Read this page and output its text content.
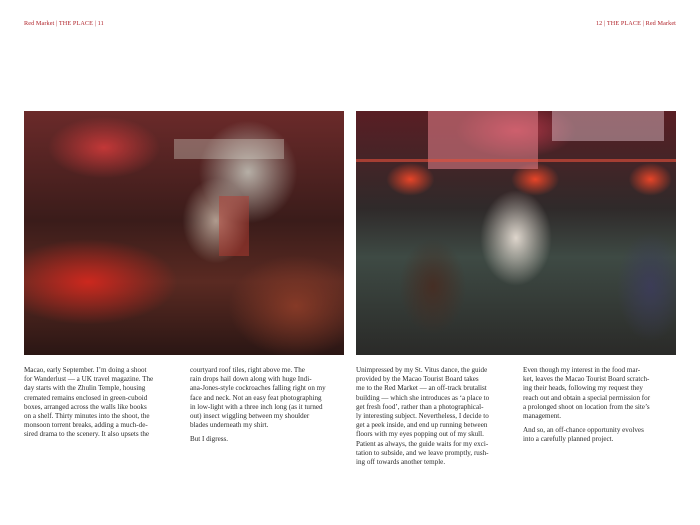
Red Market | THE PLACE | 11	12 | THE PLACE | Red Market
Macao, early September. I’m doing a shoot
for Wanderlust — a UK travel magazine. The
day starts with the Zhulin Temple, housing
cremated remains enclosed in green-cuboid
boxes, arranged across the walls like books
on a shelf. Thirty minutes into the shoot, the
monsoon torrent breaks, adding a much-de-
sired drama to the scenery. It also upsets the
courtyard roof tiles, right above me. The
rain drops hail down along with huge Indi-
ana-Jones-style cockroaches falling right on my
face and neck. Not an easy feat photographing
in low-light with a three inch long (as it turned
out) insect wiggling between my shoulder
blades underneath my shirt.
But I digress.
Unimpressed by my St. Vitus dance, the guide
provided by the Macao Tourist Board takes
me to the Red Market — an off-track brutalist
building — which she introduces as ‘a place to
get fresh food’, rather than a photographical-
ly interesting subject. Nevertheless, I decide to
get a peek inside, and end up running between
floors with my eyes popping out of my skull.
Patient as always, the guide waits for my exci-
tation to subside, and we leave promptly, rush-
ing off towards another temple.
Even though my interest in the food mar-
ket, leaves the Macao Tourist Board scratch-
ing their heads, following my request they
reach out and obtain a special permission for
a prolonged shoot on location from the site’s
management.
And so, an off-chance opportunity evolves
into a carefully planned project.
